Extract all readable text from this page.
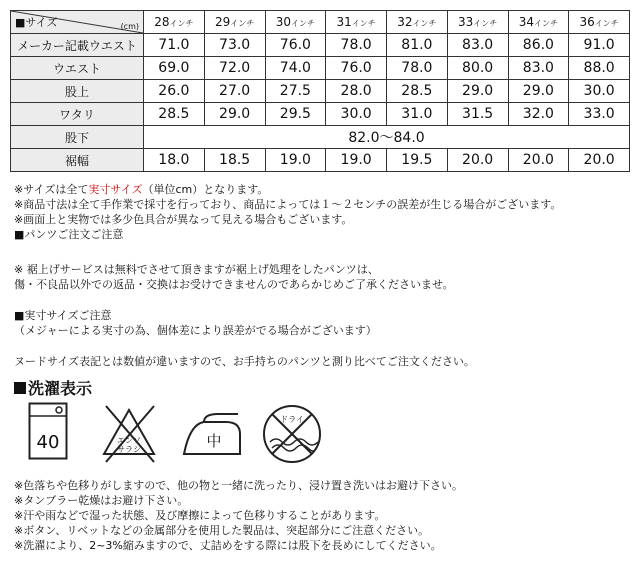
■サイズ (cm)	28インチ	29インチ	30インチ	31インチ	32インチ	33インチ	34インチ	36インチ
メーカー記載ウエスト	71.0	73.0	76.0	78.0	81.0	83.0	86.0	91.0
ウエスト	69.0	72.0	74.0	76.0	78.0	80.0	83.0	88.0
股上	26.0	27.0	27.5	28.0	28.5	29.0	29.0	30.0
ワタリ	28.5	29.0	29.5	30.0	31.0	31.5	32.0	33.0
股下	82.0～84.0							
裾幅	18.0	18.5	19.0	19.0	19.5	20.0	20.0	20.0
※サイズは全て実寸サイズ（単位cm）となります。
※商品寸法は全て手作業で採寸を行っており、商品によっては１～２センチの誤差が生じる場合がございます。
※画面上と実物では多少色具合が異なって見える場合もございます。
■パンツご注文ご注意
※ 裾上げサービスは無料でさせて頂きますが裾上げ処理をしたパンツは、
傷・不良品以外での返品・交換はお受けできませんのであらかじめご了承くださいませ。
■実寸サイズご注意
（メジャーによる実寸の為、個体差により誤差がでる場合がございます）
ヌードサイズ表記とは数値が違いますので、お手持ちのパンツと測り比べてご注文ください。
洗濯表示
40	エンソ
サラシ	中
ドライ
※色落ちや色移りがしますので、他の物と一緒に洗ったり、浸け置き洗いはお避け下さい。
※タンブラー乾燥はお避け下さい。
※汗や雨などで湿った状態、及び摩擦によって色移りすることがあります。
※ボタン、リベットなどの金属部分を使用した製品は、突起部分にご注意ください。
※洗濯により、2~3%縮みますので、丈詰めをする際には股下を長めにしてください。
